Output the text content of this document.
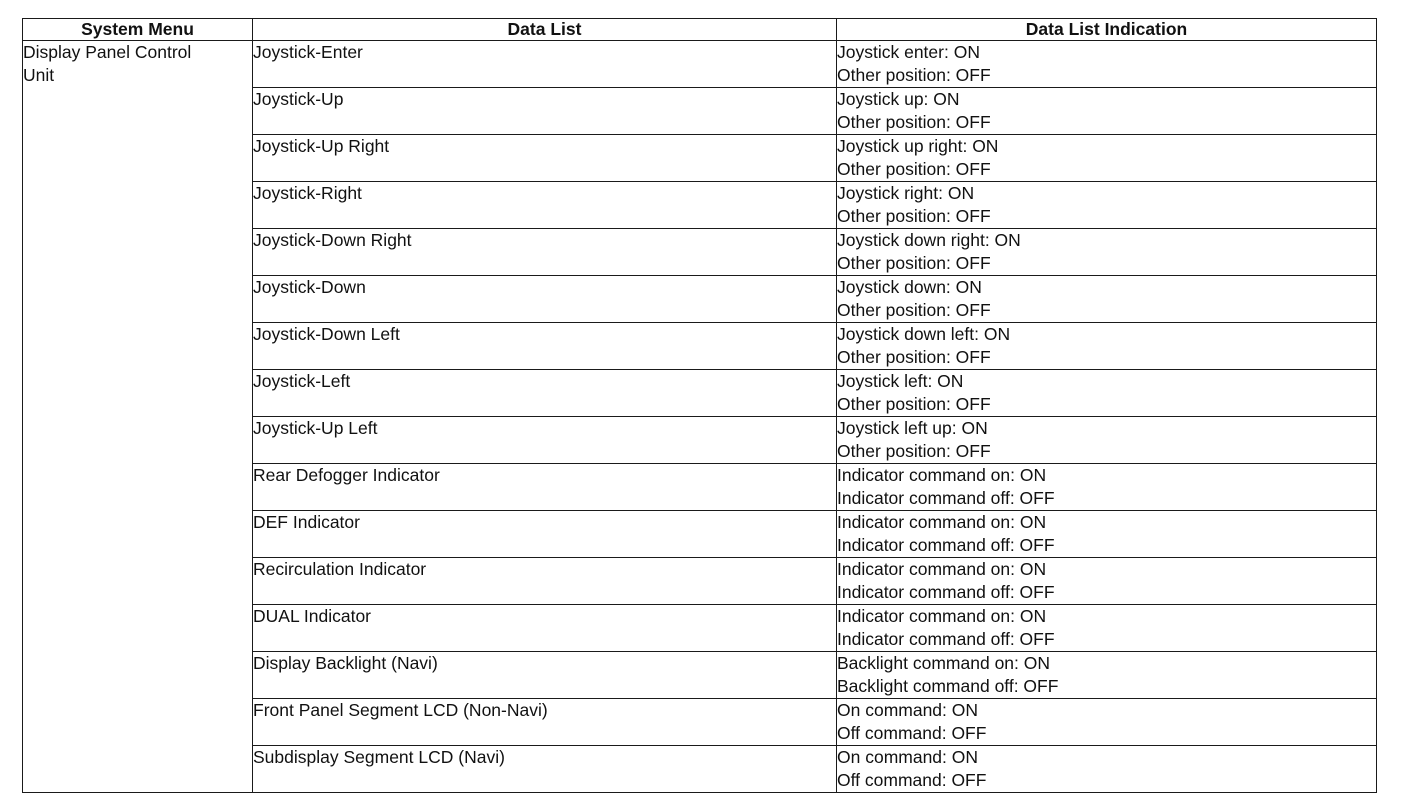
System Menu	Data List	Data List Indication

Display Panel Control
Unit	Joystick-Enter	Joystick enter: ON
Other position: OFF

	Joystick-Up	Joystick up: ON
Other position: OFF

	Joystick-Up Right	Joystick up right: ON
Other position: OFF

	Joystick-Right	Joystick right: ON
Other position: OFF

	Joystick-Down Right	Joystick down right: ON
Other position: OFF

	Joystick-Down	Joystick down: ON
Other position: OFF

	Joystick-Down Left	Joystick down left: ON
Other position: OFF

	Joystick-Left	Joystick left: ON
Other position: OFF

	Joystick-Up Left	Joystick left up: ON
Other position: OFF

	Rear Defogger Indicator	Indicator command on: ON
Indicator command off: OFF

	DEF Indicator	Indicator command on: ON
Indicator command off: OFF

	Recirculation Indicator	Indicator command on: ON
Indicator command off: OFF

	DUAL Indicator	Indicator command on: ON
Indicator command off: OFF

	Display Backlight (Navi)	Backlight command on: ON
Backlight command off: OFF

	Front Panel Segment LCD (Non-Navi)	On command: ON
Off command: OFF

	Subdisplay Segment LCD (Navi)	On command: ON
Off command: OFF
